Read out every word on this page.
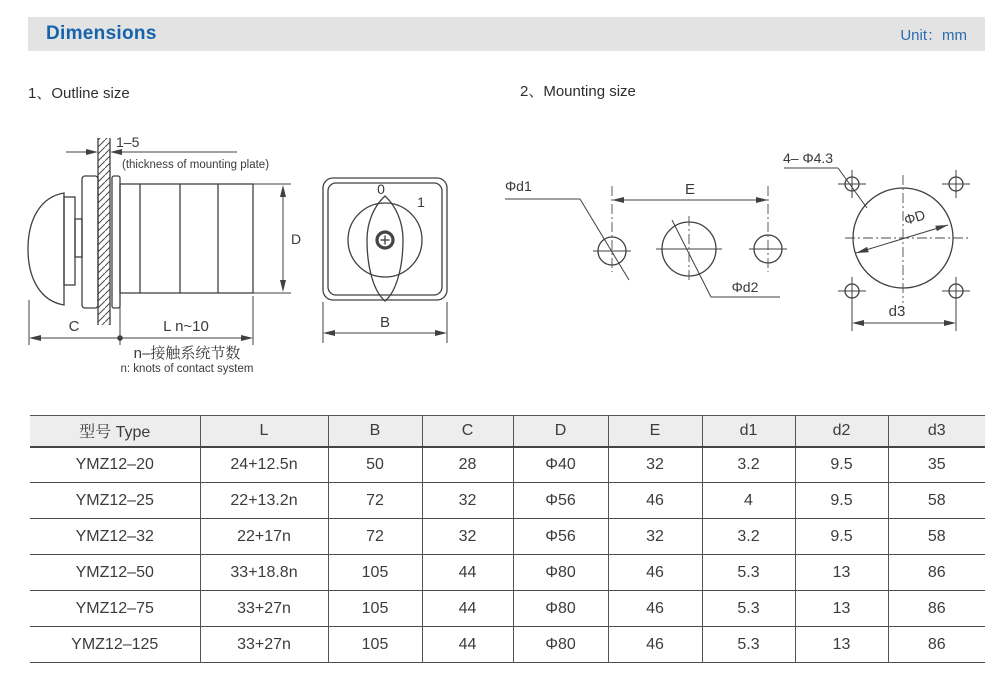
Dimensions	Unit：mm
1、Outline size	2、Mounting size
1–5
(thickness of mounting plate)
D
C	L n~10
n–接触系统节数
n: knots of contact system
0
1
B
E
Φd1
Φd2
4– Φ4.3
ΦD
d3
型号 Type	L	B	C	D	E	d1	d2	d3
YMZ12–20	24+12.5n	50	28	Φ40	32	3.2	9.5	35
YMZ12–25	22+13.2n	72	32	Φ56	46	4	9.5	58
YMZ12–32	22+17n	72	32	Φ56	32	3.2	9.5	58
YMZ12–50	33+18.8n	105	44	Φ80	46	5.3	13	86
YMZ12–75	33+27n	105	44	Φ80	46	5.3	13	86
YMZ12–125	33+27n	105	44	Φ80	46	5.3	13	86
